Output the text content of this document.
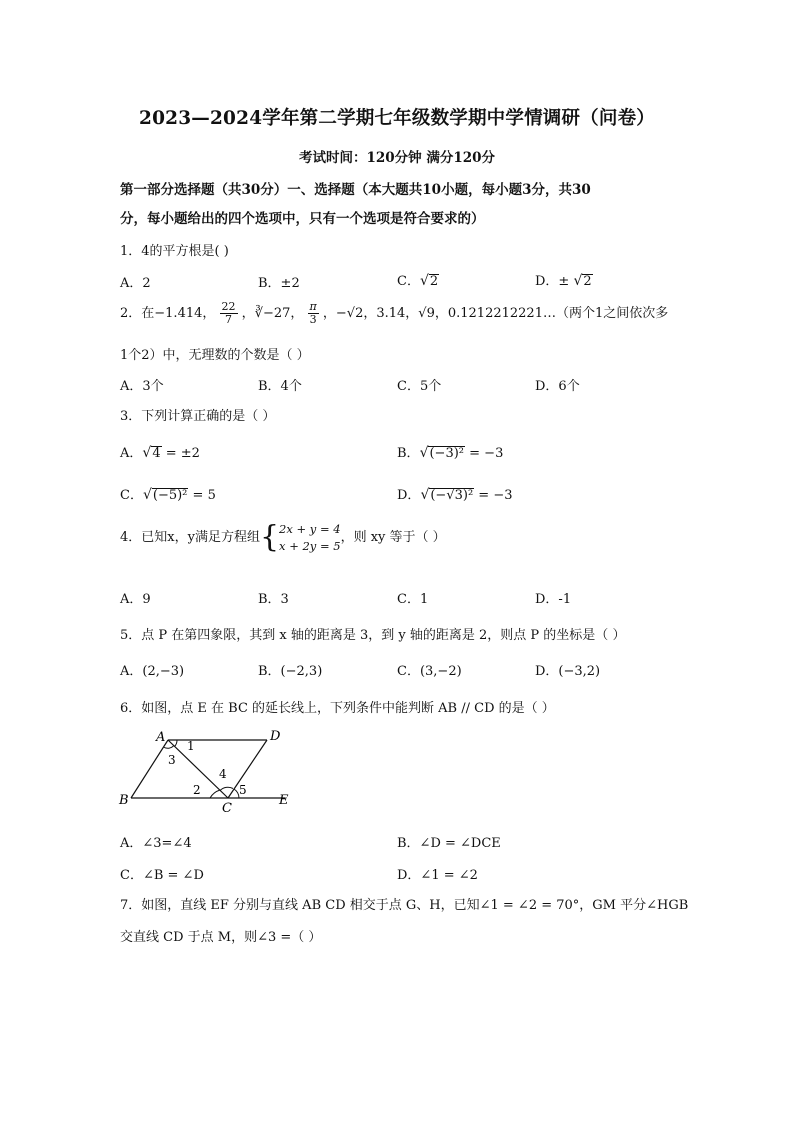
2023—2024学年第二学期七年级数学期中学情调研（问卷）
考试时间：120分钟 满分120分
第一部分选择题（共30分）一、选择题（本大题共10小题，每小题3分，共30
分，每小题给出的四个选项中，只有一个选项是符合要求的）
1．4的平方根是( )
A．2	B．±2	C．√2	D．± √2
2．在−1.414， $\frac{22}{7}$ ，∛−27， $\frac{\pi}{3}$ ，−√2，3.14，√9，0.1212212221…（两个1之间依次多
1个2）中，无理数的个数是（ ）
A．3个	B．4个	C．5个	D．6个
3．下列计算正确的是（ ）
A．√4 = ±2	B．√(−3)² = −3
C．√(−5)² = 5	D．√(−√3)² = −3
4．已知x，y满足方程组{ 2x + y = 4
x + 2y = 5
，则 xy 等于（ ）
A．9	B．3	C．1	D．-1
5．点 P 在第四象限，其到 x 轴的距离是 3，到 y 轴的距离是 2，则点 P 的坐标是（ ）
A．(2,−3)	B．(−2,3)	C．(3,−2)	D．(−3,2)
6．如图，点 E 在 BC 的延长线上，下列条件中能判断 AB // CD 的是（ ）
A	D
B
C
E
1
2
3
4
5
A．∠3=∠4	B．∠D = ∠DCE
C．∠B = ∠D	D．∠1 = ∠2
7．如图，直线 EF 分别与直线 AB CD 相交于点 G、H，已知∠1 = ∠2 = 70°，GM 平分∠HGB
交直线 CD 于点 M，则∠3 =（ ）
